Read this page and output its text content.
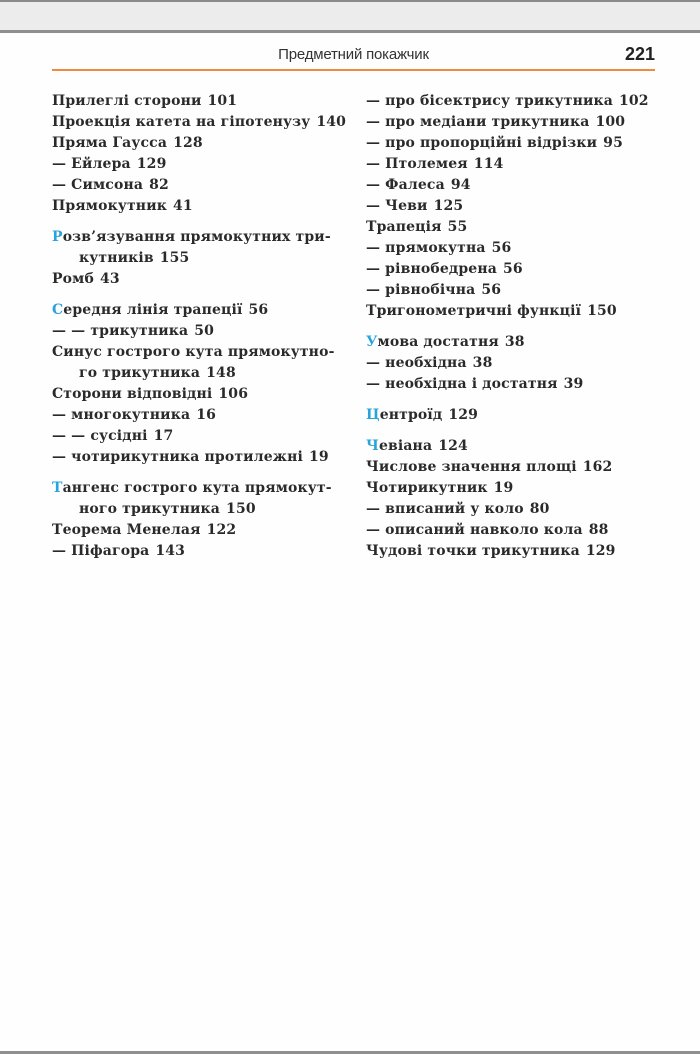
Предметний покажчик	221
Прилеглі сторони 101
Проекція катета на гіпотенузу 140
Пряма Гаусса 128
— Ейлера 129
— Симсона 82
Прямокутник 41
Розв’язування прямокутних три-
кутників 155
Ромб 43
Середня лінія трапеції 56
— — трикутника 50
Синус гострого кута прямокутно-
го трикутника 148
Сторони відповідні 106
— многокутника 16
— — сусідні 17
— чотирикутника протилежні 19
Тангенс гострого кута прямокут-
ного трикутника 150
Теорема Менелая 122
— Піфагора 143
— про бісектрису трикутника 102
— про медіани трикутника 100
— про пропорційні відрізки 95
— Птолемея 114
— Фалеса 94
— Чеви 125
Трапеція 55
— прямокутна 56
— рівнобедрена 56
— рівнобічна 56
Тригонометричні функції 150
Умова достатня 38
— необхідна 38
— необхідна і достатня 39
Центроїд 129
Чевіана 124
Числове значення площі 162
Чотирикутник 19
— вписаний у коло 80
— описаний навколо кола 88
Чудові точки трикутника 129
